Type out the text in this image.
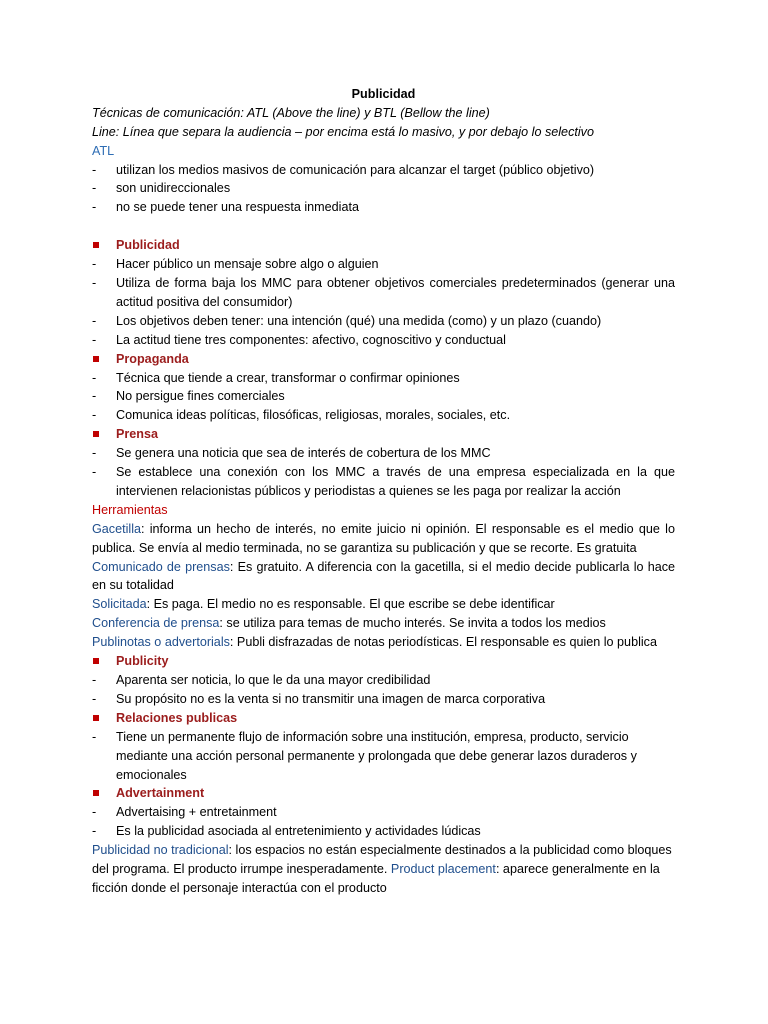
Publicidad
Técnicas de comunicación: ATL (Above the line) y BTL (Bellow the line)
Line: Línea que separa la audiencia – por encima está lo masivo, y por debajo lo selectivo
ATL
-	utilizan los medios masivos de comunicación para alcanzar el target (público objetivo)
-	son unidireccionales
-	no se puede tener una respuesta inmediata
Publicidad
-	Hacer público un mensaje sobre algo o alguien
-	Utiliza de forma baja los MMC para obtener objetivos comerciales predeterminados (generar una actitud positiva del consumidor)
-	Los objetivos deben tener: una intención (qué) una medida (como) y un plazo (cuando)
-	La actitud tiene tres componentes: afectivo, cognoscitivo y conductual
Propaganda
-	Técnica que tiende a crear, transformar o confirmar opiniones
-	No persigue fines comerciales
-	Comunica ideas políticas, filosóficas, religiosas, morales, sociales, etc.
Prensa
-	Se genera una noticia que sea de interés de cobertura de los MMC
-	Se establece una conexión con los MMC a través de una empresa especializada en la que intervienen relacionistas públicos y periodistas a quienes se les paga por realizar la acción
Herramientas
Gacetilla: informa un hecho de interés, no emite juicio ni opinión. El responsable es el medio que lo publica. Se envía al medio terminada, no se garantiza su publicación y que se recorte. Es gratuita
Comunicado de prensas: Es gratuito. A diferencia con la gacetilla, si el medio decide publicarla lo hace en su totalidad
Solicitada: Es paga. El medio no es responsable. El que escribe se debe identificar
Conferencia de prensa: se utiliza para temas de mucho interés. Se invita a todos los medios
Publinotas o advertorials: Publi disfrazadas de notas periodísticas. El responsable es quien lo publica
Publicity
-	Aparenta ser noticia, lo que le da una mayor credibilidad
-	Su propósito no es la venta si no transmitir una imagen de marca corporativa
Relaciones publicas
-	Tiene un permanente flujo de información sobre una institución, empresa, producto, servicio mediante una acción personal permanente y prolongada que debe generar lazos duraderos y emocionales
Advertainment
-	Advertaising + entretainment
-	Es la publicidad asociada al entretenimiento y actividades lúdicas
Publicidad no tradicional: los espacios no están especialmente destinados a la publicidad como bloques del programa. El producto irrumpe inesperadamente. Product placement: aparece generalmente en la ficción donde el personaje interactúa con el producto
